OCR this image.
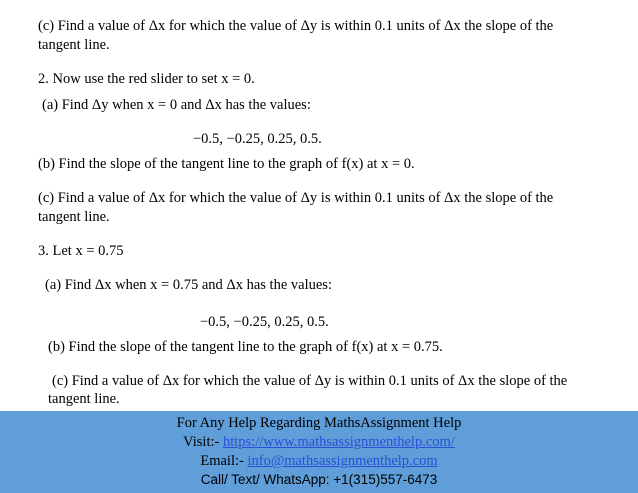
(c) Find a value of Δx for which the value of Δy is within 0.1 units of Δx the slope of the
tangent line.
2. Now use the red slider to set x = 0.
(a) Find Δy when x = 0 and Δx has the values:
−0.5, −0.25, 0.25, 0.5.
(b) Find the slope of the tangent line to the graph of f(x) at x = 0.
(c) Find a value of Δx for which the value of Δy is within 0.1 units of Δx the slope of the
tangent line.
3. Let x = 0.75
(a) Find Δx when x = 0.75 and Δx has the values:
−0.5, −0.25, 0.25, 0.5.
(b) Find the slope of the tangent line to the graph of f(x) at x = 0.75.
(c) Find a value of Δx for which the value of Δy is within 0.1 units of Δx the slope of the
tangent line.
For Any Help Regarding MathsAssignment Help
Visit:- https://www.mathsassignmenthelp.com/
Email:- info@mathsassignmenthelp.com
Call/ Text/ WhatsApp: +1(315)557-6473
